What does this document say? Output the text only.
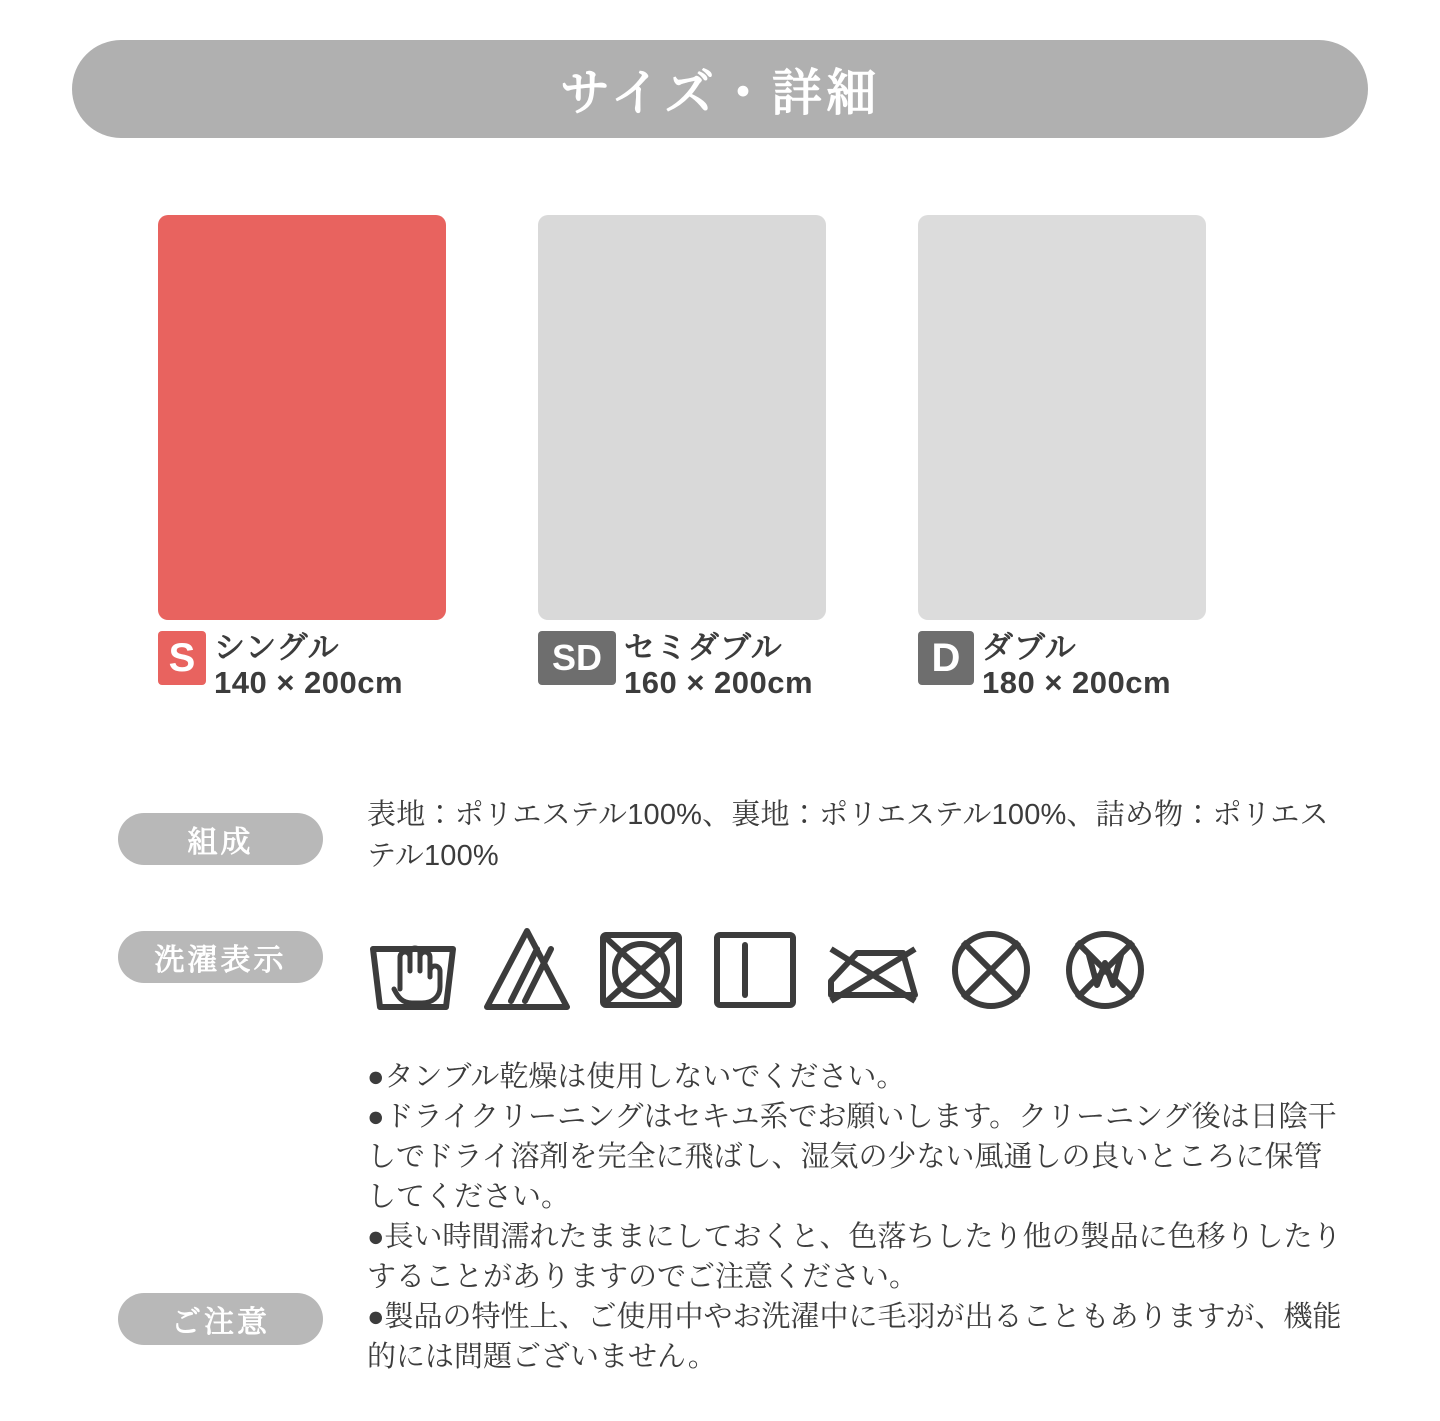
サイズ・詳細
S シングル
140 × 200cm
SD セミダブル
160 × 200cm
D ダブル
180 × 200cm
組成
表地：ポリエステル100%、裏地：ポリエステル100%、詰め物：ポリエステル100%
洗濯表示
ご注意

●タンブル乾燥は使用しないでください。

●ドライクリーニングはセキユ系でお願いします。クリーニング後は日陰干しでドライ溶剤を完全に飛ばし、湿気の少ない風通しの良いところに保管してください。

●長い時間濡れたままにしておくと、色落ちしたり他の製品に色移りしたりすることがありますのでご注意ください。

●製品の特性上、ご使用中やお洗濯中に毛羽が出ることもありますが、機能的には問題ございません。
